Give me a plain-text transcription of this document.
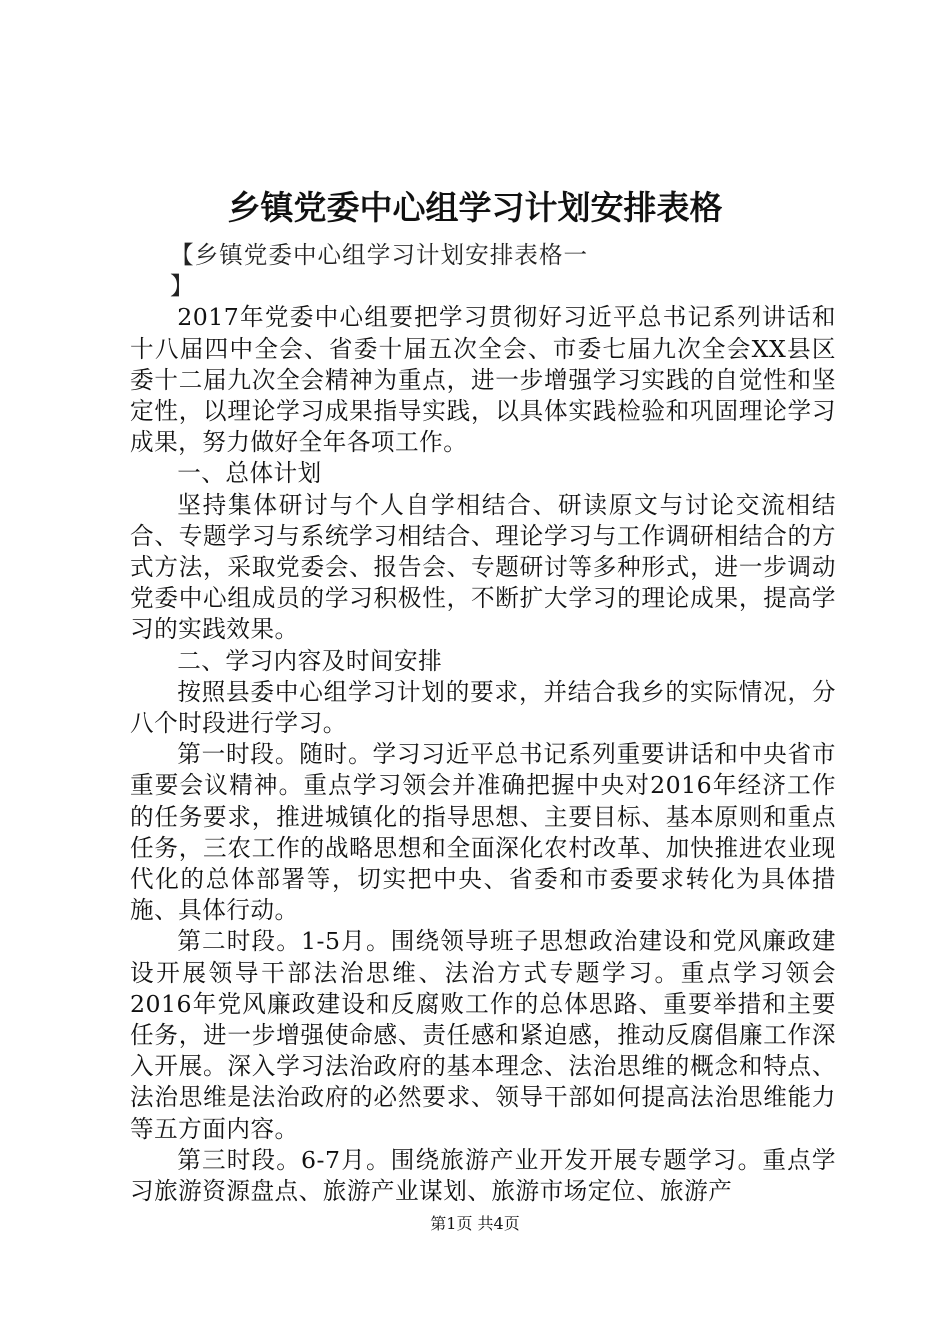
乡镇党委中心组学习计划安排表格

【乡镇党委中心组学习计划安排表格一

】

2017年党委中心组要把学习贯彻好习近平总书记系列讲话和十八届四中全会、省委十届五次全会、市委七届九次全会XX县区委十二届九次全会精神为重点，进一步增强学习实践的自觉性和坚定性，以理论学习成果指导实践，以具体实践检验和巩固理论学习成果，努力做好全年各项工作。

一、总体计划

坚持集体研讨与个人自学相结合、研读原文与讨论交流相结合、专题学习与系统学习相结合、理论学习与工作调研相结合的方式方法，采取党委会、报告会、专题研讨等多种形式，进一步调动党委中心组成员的学习积极性，不断扩大学习的理论成果，提高学习的实践效果。

二、学习内容及时间安排

按照县委中心组学习计划的要求，并结合我乡的实际情况，分八个时段进行学习。

第一时段。随时。学习习近平总书记系列重要讲话和中央省市重要会议精神。重点学习领会并准确把握中央对2016年经济工作的任务要求，推进城镇化的指导思想、主要目标、基本原则和重点任务，三农工作的战略思想和全面深化农村改革、加快推进农业现代化的总体部署等，切实把中央、省委和市委要求转化为具体措施、具体行动。

第二时段。1-5月。围绕领导班子思想政治建设和党风廉政建设开展领导干部法治思维、法治方式专题学习。重点学习领会2016年党风廉政建设和反腐败工作的总体思路、重要举措和主要任务，进一步增强使命感、责任感和紧迫感，推动反腐倡廉工作深入开展。深入学习法治政府的基本理念、法治思维的概念和特点、法治思维是法治政府的必然要求、领导干部如何提高法治思维能力等五方面内容。

第三时段。6-7月。围绕旅游产业开发开展专题学习。重点学习旅游资源盘点、旅游产业谋划、旅游市场定位、旅游产

第1页 共4页
